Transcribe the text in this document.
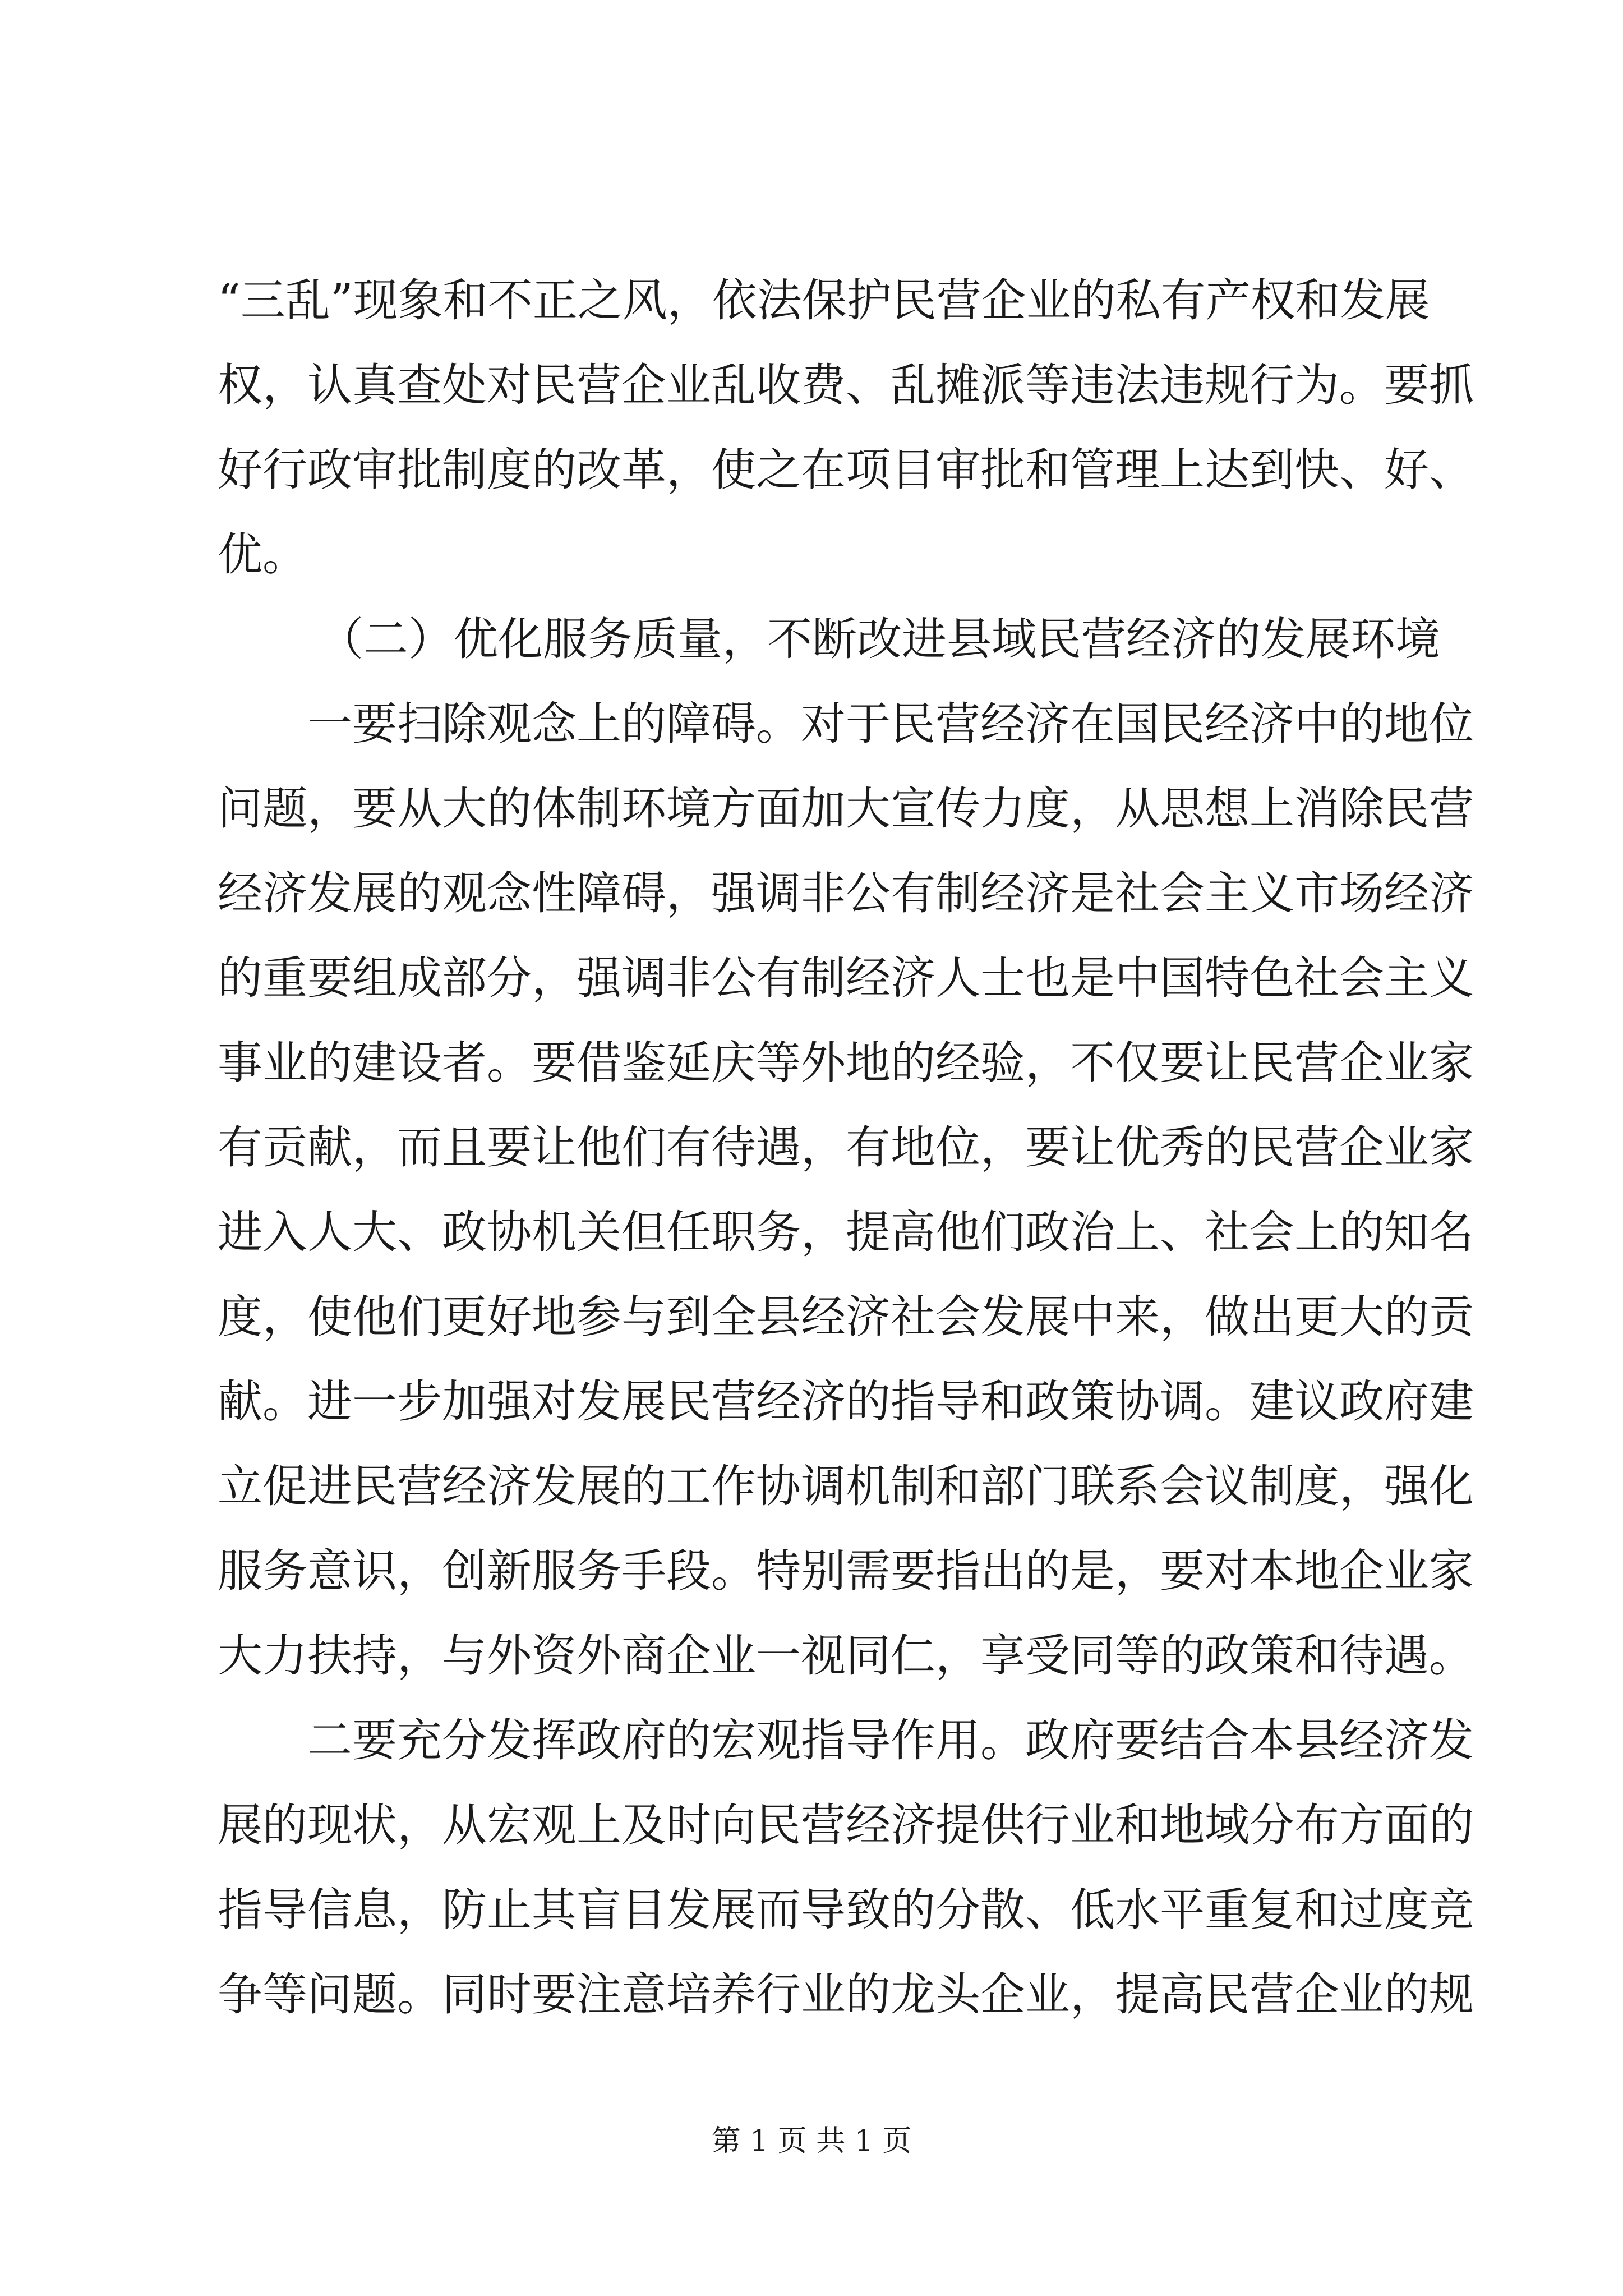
“三乱”现象和不正之风，依法保护民营企业的私有产权和发展
权，认真查处对民营企业乱收费、乱摊派等违法违规行为。要抓
好行政审批制度的改革，使之在项目审批和管理上达到快、好、
优。
（二）优化服务质量，不断改进县域民营经济的发展环境
一要扫除观念上的障碍。对于民营经济在国民经济中的地位
问题，要从大的体制环境方面加大宣传力度，从思想上消除民营
经济发展的观念性障碍，强调非公有制经济是社会主义市场经济
的重要组成部分，强调非公有制经济人士也是中国特色社会主义
事业的建设者。要借鉴延庆等外地的经验，不仅要让民营企业家
有贡献，而且要让他们有待遇，有地位，要让优秀的民营企业家
进入人大、政协机关但任职务，提高他们政治上、社会上的知名
度，使他们更好地参与到全县经济社会发展中来，做出更大的贡
献。进一步加强对发展民营经济的指导和政策协调。建议政府建
立促进民营经济发展的工作协调机制和部门联系会议制度，强化
服务意识，创新服务手段。特别需要指出的是，要对本地企业家
大力扶持，与外资外商企业一视同仁，享受同等的政策和待遇。
二要充分发挥政府的宏观指导作用。政府要结合本县经济发
展的现状，从宏观上及时向民营经济提供行业和地域分布方面的
指导信息，防止其盲目发展而导致的分散、低水平重复和过度竞
争等问题。同时要注意培养行业的龙头企业，提高民营企业的规
第 1 页 共 1 页
